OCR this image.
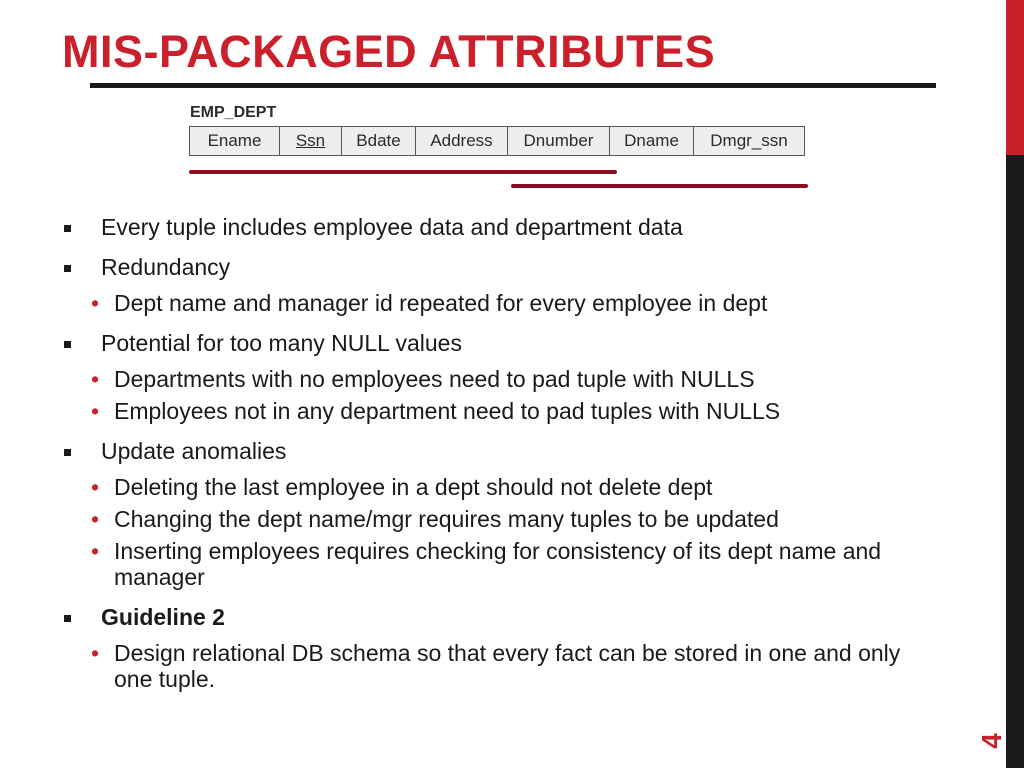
MIS-PACKAGED ATTRIBUTES
EMP_DEPT
Ename	Ssn	Bdate	Address	Dnumber	Dname	Dmgr_ssn
Every tuple includes employee data and department data
Redundancy
• Dept name and manager id repeated for every employee in dept
Potential for too many NULL values
• Departments with no employees need to pad tuple with NULLS
• Employees not in any department need to pad tuples with NULLS
Update anomalies
• Deleting the last employee in a dept should not delete dept
• Changing the dept name/mgr requires many tuples to be updated
• Inserting employees requires checking for consistency of its dept name and manager
Guideline 2
• Design relational DB schema so that every fact can be stored in one and only one tuple.
4
